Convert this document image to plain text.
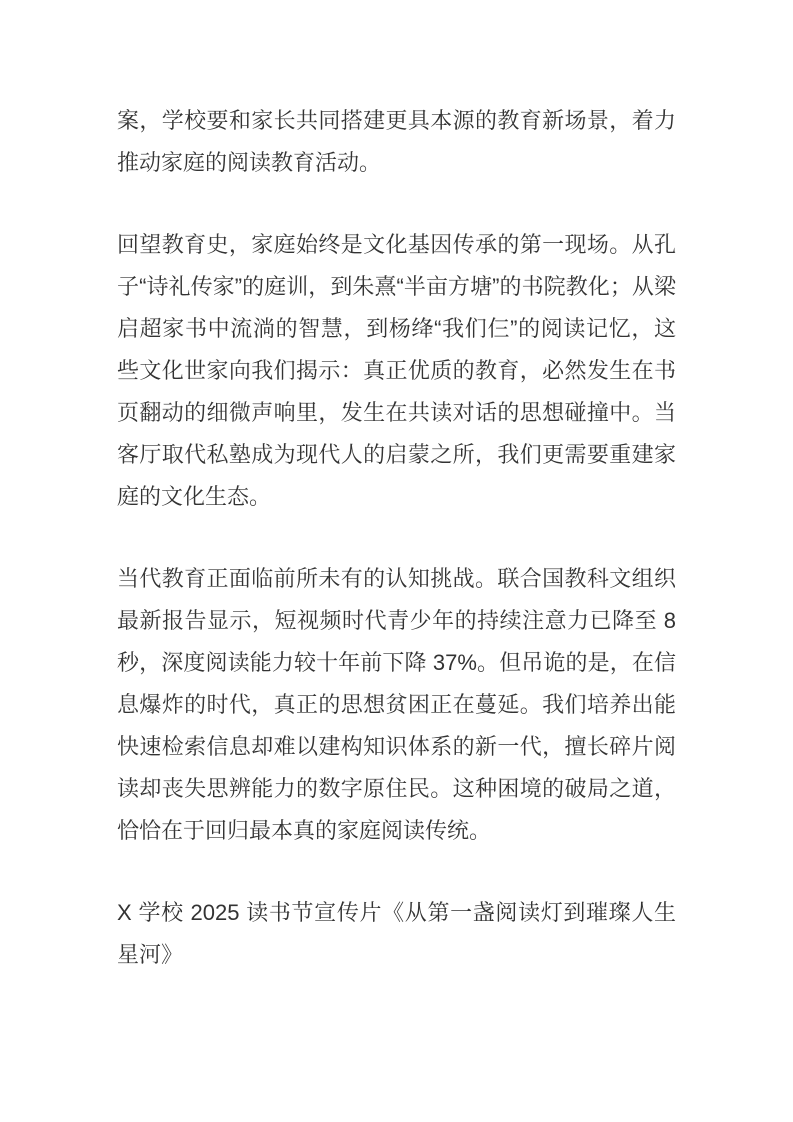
案，学校要和家长共同搭建更具本源的教育新场景，着力推动家庭的阅读教育活动。

回望教育史，家庭始终是文化基因传承的第一现场。从孔子“诗礼传家”的庭训，到朱熹“半亩方塘”的书院教化；从梁启超家书中流淌的智慧，到杨绛“我们仨”的阅读记忆，这些文化世家向我们揭示：真正优质的教育，必然发生在书页翻动的细微声响里，发生在共读对话的思想碰撞中。当客厅取代私塾成为现代人的启蒙之所，我们更需要重建家庭的文化生态。

当代教育正面临前所未有的认知挑战。联合国教科文组织最新报告显示，短视频时代青少年的持续注意力已降至 8 秒，深度阅读能力较十年前下降 37%。但吊诡的是，在信息爆炸的时代，真正的思想贫困正在蔓延。我们培养出能快速检索信息却难以建构知识体系的新一代，擅长碎片阅读却丧失思辨能力的数字原住民。这种困境的破局之道，恰恰在于回归最本真的家庭阅读传统。

X 学校 2025 读书节宣传片《从第一盏阅读灯到璀璨人生星河》
